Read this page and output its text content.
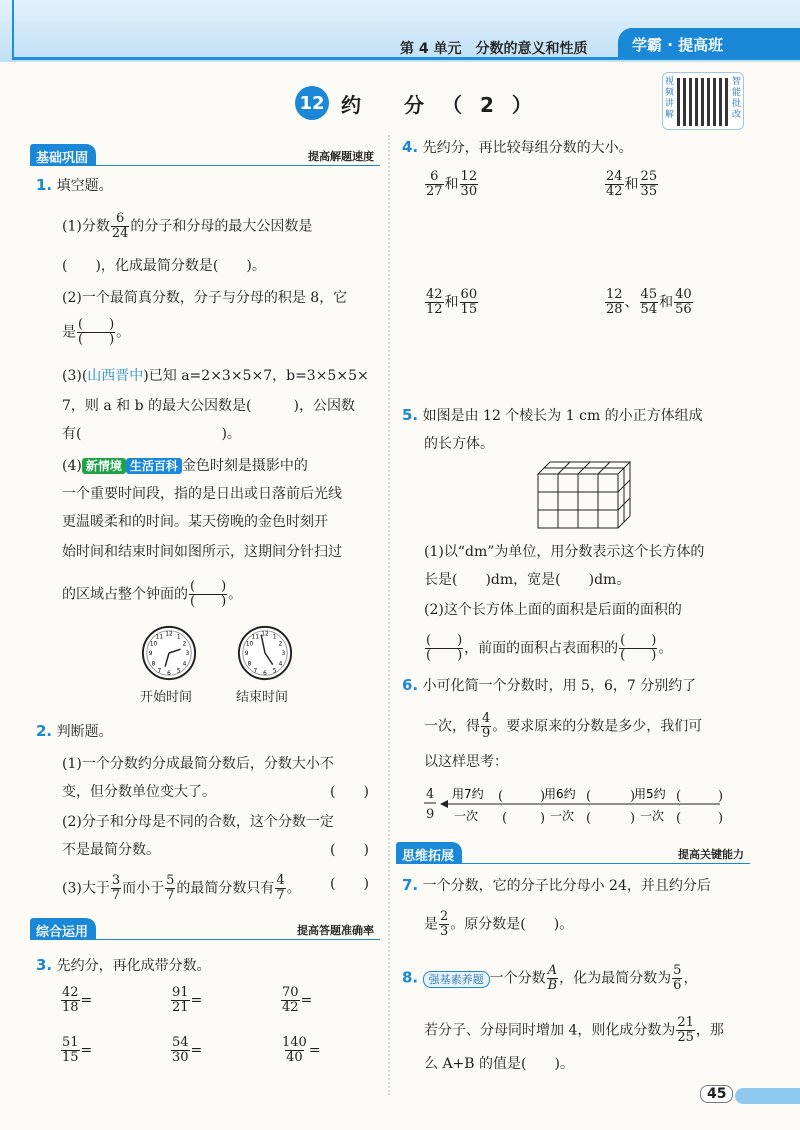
第 4 单元　分数的意义和性质	学霸 · 提高班
12 约 分（2）
视频讲解
智能批改
基础巩固	提高解题速度
1. 填空题。
(1)分数 $\frac{6}{24}$ 的分子和分母的最大公因数是
(　　)，化成最简分数是(　　)。
(2)一个最简真分数，分子与分母的积是 8，它
是 $\frac{( )}{( )}$ 。
(3)(山西晋中)已知 a=2×3×5×7，b=3×5×5×
7，则 a 和 b 的最大公因数是(　　　)，公因数
有(　　　　　　　　　　)。
(4) 新情境 生活百科 金色时刻是摄影中的
一个重要时间段，指的是日出或日落前后光线
更温暖柔和的时间。某天傍晚的金色时刻开
始时间和结束时间如图所示，这期间分针扫过
的区域占整个钟面的 $\frac{( )}{( )}$ 。
12
3
6
9
1
2
4
5
7
8
10
11	12
3
6
9
1
2
4
5
7
8
10
11
开始时间	结束时间
2. 判断题。
(1)一个分数约分成最简分数后，分数大小不
变，但分数单位变大了。	(　　)
(2)分子和分母是不同的合数，这个分数一定
不是最简分数。	(　　)
(3)大于 $\frac{3}{7}$ 而小于 $\frac{5}{7}$ 的最简分数只有 $\frac{4}{7}$ 。 (　　)
综合运用	提高答题准确率
3. 先约分，再化成带分数。
$\frac{42}{18}$ =	$\frac{91}{21}$ =	$\frac{70}{42}$ =
$\frac{51}{15}$ =	$\frac{54}{30}$ =	$\frac{140}{40}$ =
4. 先约分，再比较每组分数的大小。
$\frac{6}{27}$ 和 $\frac{12}{30}$	$\frac{24}{42}$ 和 $\frac{25}{35}$
$\frac{42}{12}$ 和 $\frac{60}{15}$	$\frac{12}{28}$ 、 $\frac{45}{54}$ 和 $\frac{40}{56}$
5. 如图是由 12 个棱长为 1 cm 的小正方体组成
的长方体。
(1)以“dm”为单位，用分数表示这个长方体的
长是(　　)dm，宽是(　　)dm。
(2)这个长方体上面的面积是后面的面积的
$\frac{( )}{( )}$ ，前面的面积占表面积的 $\frac{( )}{( )}$ 。
6. 小可化简一个分数时，用 5，6，7 分别约了
一次，得 $\frac{4}{9}$ 。要求原来的分数是多少，我们可
以这样思考：
4
9
(	)	(	)	(	)
(	)	(	)	(	)
用7约	用6约	用5约
一次	一次	一次
思维拓展	提高关键能力
7. 一个分数，它的分子比分母小 24，并且约分后
是 $\frac{2}{3}$ 。原分数是(　　)。
8. 强基素养题 一个分数 $\frac{A}{B}$ ，化为最简分数为 $\frac{5}{6}$ ，
若分子、分母同时增加 4，则化成分数为 $\frac{21}{25}$ ，那
么 A+B 的值是(　　)。
45
